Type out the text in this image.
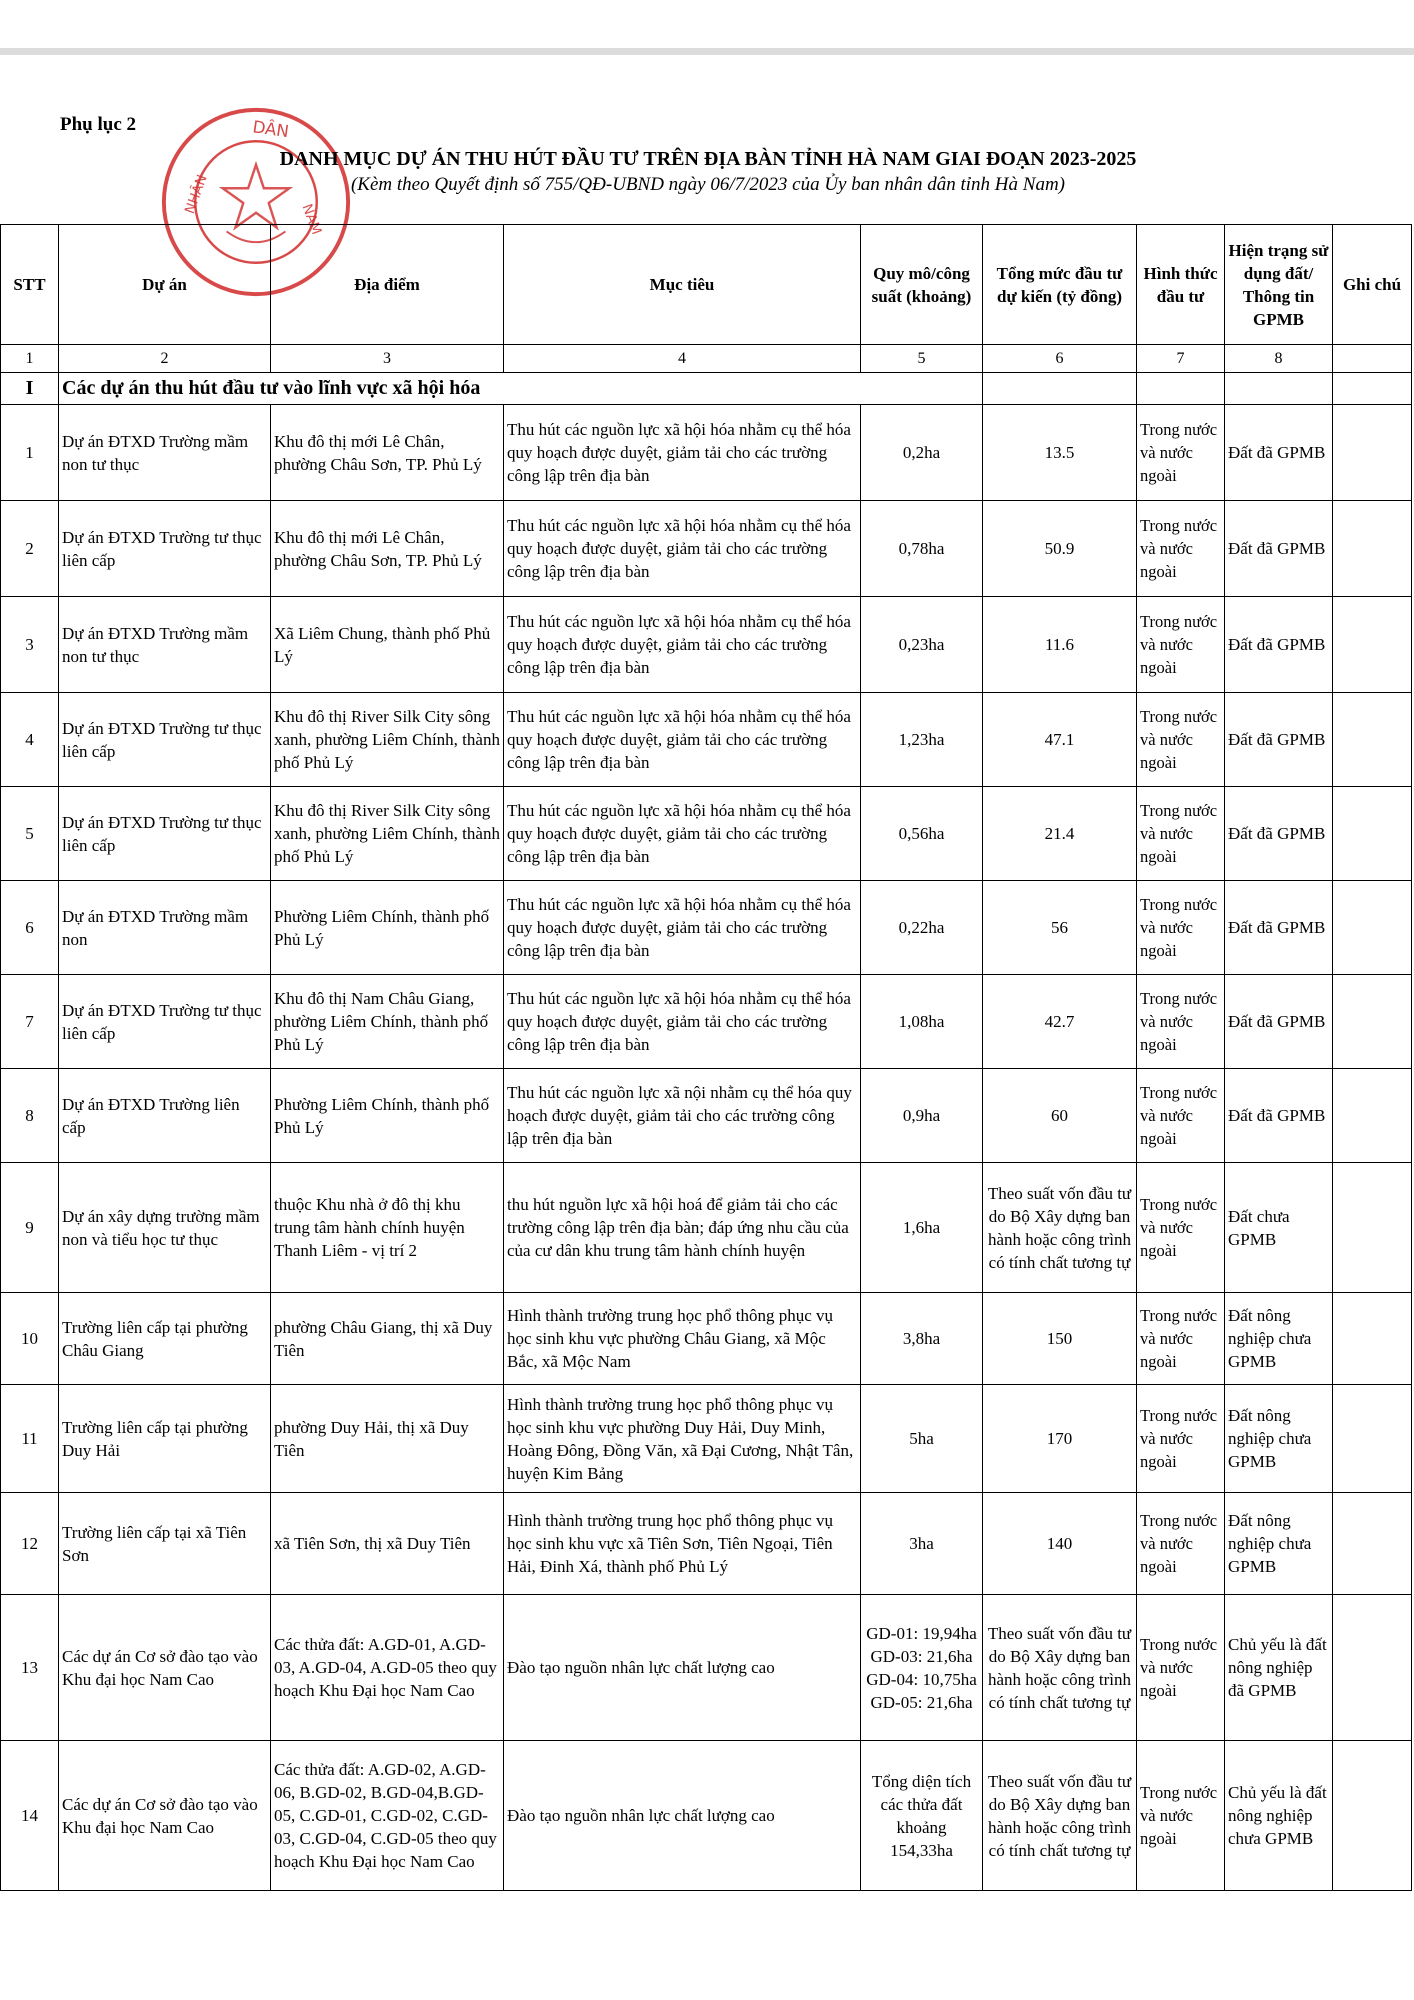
Phụ lục 2	DÂN
NHÂN
NAM
DANH MỤC DỰ ÁN THU HÚT ĐẦU TƯ TRÊN ĐỊA BÀN TỈNH HÀ NAM GIAI ĐOẠN 2023-2025
(Kèm theo Quyết định số 755/QĐ-UBND ngày 06/7/2023 của Ủy ban nhân dân tỉnh Hà Nam)
STT	Dự án	Địa điểm	Mục tiêu	Quy mô/công suất (khoảng)	Tổng mức đầu tư dự kiến (tỷ đồng)	Hình thức đầu tư	Hiện trạng sử dụng đất/ Thông tin GPMB	Ghi chú
1	2	3	4	5	6	7	8	
I	Các dự án thu hút đầu tư vào lĩnh vực xã hội hóa							
1	Dự án ĐTXD Trường mầm non tư thục	Khu đô thị mới Lê Chân, phường Châu Sơn, TP. Phủ Lý	Thu hút các nguồn lực xã hội hóa nhằm cụ thể hóa quy hoạch được duyệt, giảm tải cho các trường công lập trên địa bàn	0,2ha	13.5	Trong nước và nước ngoài	Đất đã GPMB	
2	Dự án ĐTXD Trường tư thục liên cấp	Khu đô thị mới Lê Chân, phường Châu Sơn, TP. Phủ Lý	Thu hút các nguồn lực xã hội hóa nhằm cụ thể hóa quy hoạch được duyệt, giảm tải cho các trường công lập trên địa bàn	0,78ha	50.9	Trong nước và nước ngoài	Đất đã GPMB	
3	Dự án ĐTXD Trường mầm non tư thục	Xã Liêm Chung, thành phố Phủ Lý	Thu hút các nguồn lực xã hội hóa nhằm cụ thể hóa quy hoạch được duyệt, giảm tải cho các trường công lập trên địa bàn	0,23ha	11.6	Trong nước và nước ngoài	Đất đã GPMB	
4	Dự án ĐTXD Trường tư thục liên cấp	Khu đô thị River Silk City sông xanh, phường Liêm Chính, thành phố Phủ Lý	Thu hút các nguồn lực xã hội hóa nhằm cụ thể hóa quy hoạch được duyệt, giảm tải cho các trường công lập trên địa bàn	1,23ha	47.1	Trong nước và nước ngoài	Đất đã GPMB	
5	Dự án ĐTXD Trường tư thục liên cấp	Khu đô thị River Silk City sông xanh, phường Liêm Chính, thành phố Phủ Lý	Thu hút các nguồn lực xã hội hóa nhằm cụ thể hóa quy hoạch được duyệt, giảm tải cho các trường công lập trên địa bàn	0,56ha	21.4	Trong nước và nước ngoài	Đất đã GPMB	
6	Dự án ĐTXD Trường mầm non	Phường Liêm Chính, thành phố Phủ Lý	Thu hút các nguồn lực xã hội hóa nhằm cụ thể hóa quy hoạch được duyệt, giảm tải cho các trường công lập trên địa bàn	0,22ha	56	Trong nước và nước ngoài	Đất đã GPMB	
7	Dự án ĐTXD Trường tư thục liên cấp	Khu đô thị Nam Châu Giang, phường Liêm Chính, thành phố Phủ Lý	Thu hút các nguồn lực xã hội hóa nhằm cụ thể hóa quy hoạch được duyệt, giảm tải cho các trường công lập trên địa bàn	1,08ha	42.7	Trong nước và nước ngoài	Đất đã GPMB	
8	Dự án ĐTXD Trường liên cấp	Phường Liêm Chính, thành phố Phủ Lý	Thu hút các nguồn lực xã nội nhằm cụ thể hóa quy hoạch được duyệt, giảm tải cho các trường công lập trên địa bàn	0,9ha	60	Trong nước và nước ngoài	Đất đã GPMB	
9	Dự án xây dựng trường mầm non và tiểu học tư thục	thuộc Khu nhà ở đô thị khu trung tâm hành chính huyện Thanh Liêm - vị trí 2	thu hút nguồn lực xã hội hoá để giảm tải cho các trường công lập trên địa bàn; đáp ứng nhu cầu của của cư dân khu trung tâm hành chính huyện	1,6ha	Theo suất vốn đầu tư do Bộ Xây dựng ban hành hoặc công trình có tính chất tương tự	Trong nước và nước ngoài	Đất chưa GPMB	
10	Trường liên cấp tại phường Châu Giang	phường Châu Giang, thị xã Duy Tiên	Hình thành trường trung học phổ thông phục vụ học sinh khu vực phường Châu Giang, xã Mộc Bắc, xã Mộc Nam	3,8ha	150	Trong nước và nước ngoài	Đất nông nghiệp chưa GPMB	
11	Trường liên cấp tại phường Duy Hải	phường Duy Hải, thị xã Duy Tiên	Hình thành trường trung học phổ thông phục vụ học sinh khu vực phường Duy Hải, Duy Minh, Hoàng Đông, Đồng Văn, xã Đại Cương, Nhật Tân, huyện Kim Bảng	5ha	170	Trong nước và nước ngoài	Đất nông nghiệp chưa GPMB	
12	Trường liên cấp tại xã Tiên Sơn	xã Tiên Sơn, thị xã Duy Tiên	Hình thành trường trung học phổ thông phục vụ học sinh khu vực xã Tiên Sơn, Tiên Ngoại, Tiên Hải, Đinh Xá, thành phố Phủ Lý	3ha	140	Trong nước và nước ngoài	Đất nông nghiệp chưa GPMB	
13	Các dự án Cơ sở đào tạo vào Khu đại học Nam Cao	Các thửa đất: A.GD-01, A.GD-03, A.GD-04, A.GD-05 theo quy hoạch Khu Đại học Nam Cao	Đào tạo nguồn nhân lực chất lượng cao	GD-01: 19,94ha GD-03: 21,6ha GD-04: 10,75ha GD-05: 21,6ha	Theo suất vốn đầu tư do Bộ Xây dựng ban hành hoặc công trình có tính chất tương tự	Trong nước và nước ngoài	Chủ yếu là đất nông nghiệp đã GPMB	
14	Các dự án Cơ sở đào tạo vào Khu đại học Nam Cao	Các thửa đất: A.GD-02, A.GD-06, B.GD-02, B.GD-04,B.GD-05, C.GD-01, C.GD-02, C.GD-03, C.GD-04, C.GD-05 theo quy hoạch Khu Đại học Nam Cao	Đào tạo nguồn nhân lực chất lượng cao	Tổng diện tích các thửa đất khoảng 154,33ha	Theo suất vốn đầu tư do Bộ Xây dựng ban hành hoặc công trình có tính chất tương tự	Trong nước và nước ngoài	Chủ yếu là đất nông nghiệp chưa GPMB	
